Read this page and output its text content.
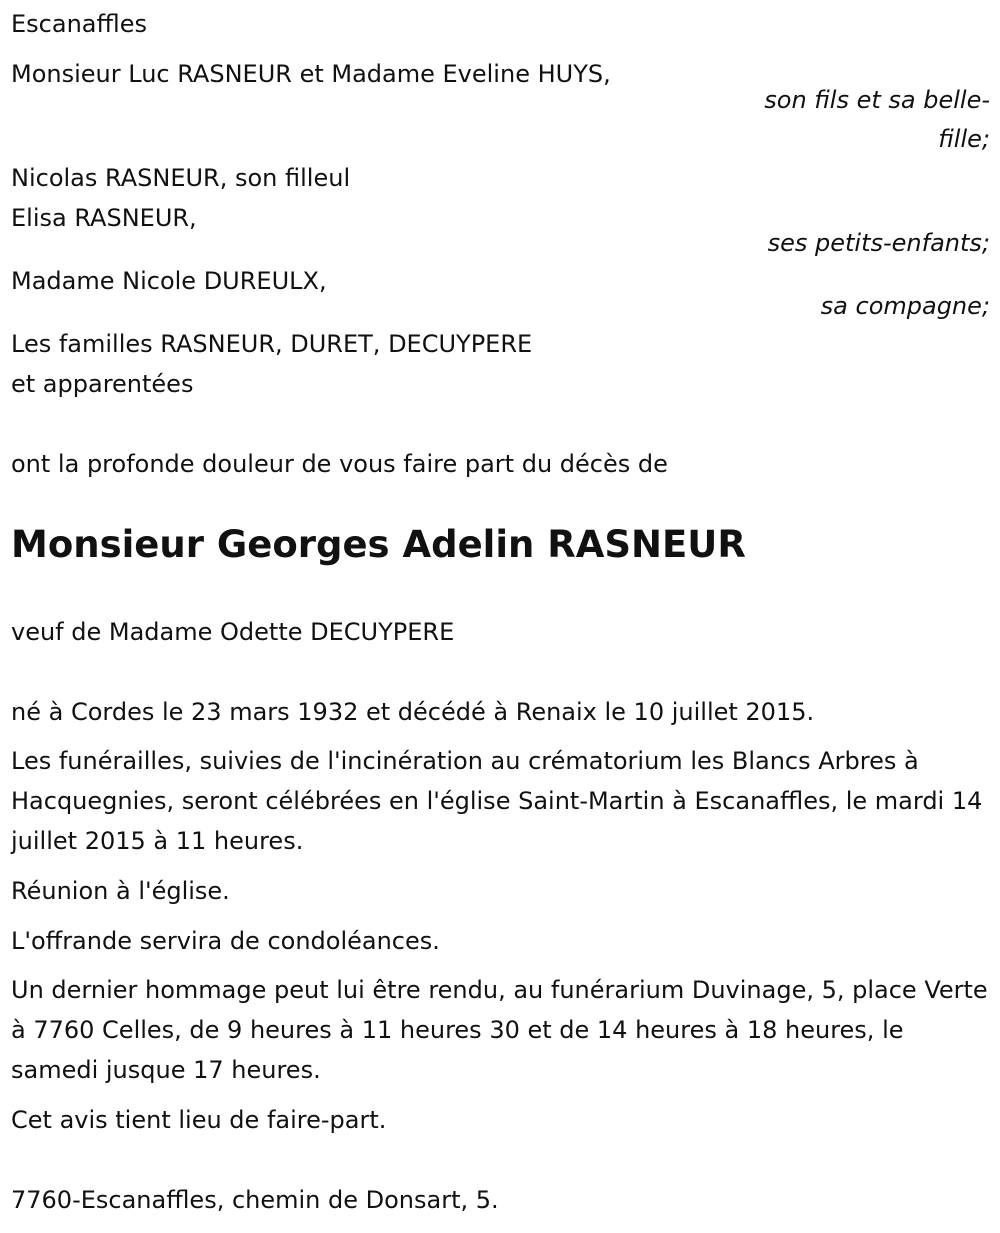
Escanaffles
Monsieur Luc RASNEUR et Madame Eveline HUYS,
son fils et sa belle-
fille;
Nicolas RASNEUR, son filleul
Elisa RASNEUR,
ses petits-enfants;
Madame Nicole DUREULX,
sa compagne;
Les familles RASNEUR, DURET, DECUYPERE
et apparentées
ont la profonde douleur de vous faire part du décès de
Monsieur Georges Adelin RASNEUR
veuf de Madame Odette DECUYPERE
né à Cordes le 23 mars 1932 et décédé à Renaix le 10 juillet 2015.

Les funérailles, suivies de l'incinération au crématorium les Blancs Arbres à Hacquegnies, seront célébrées en l'église Saint-Martin à Escanaffles, le mardi 14 juillet 2015 à 11 heures.

Réunion à l'église.
L'offrande servira de condoléances.

Un dernier hommage peut lui être rendu, au funérarium Duvinage, 5, place Verte à 7760 Celles, de 9 heures à 11 heures 30 et de 14 heures à 18 heures, le samedi jusque 17 heures.

Cet avis tient lieu de faire-part.
7760-Escanaffles, chemin de Donsart, 5.
